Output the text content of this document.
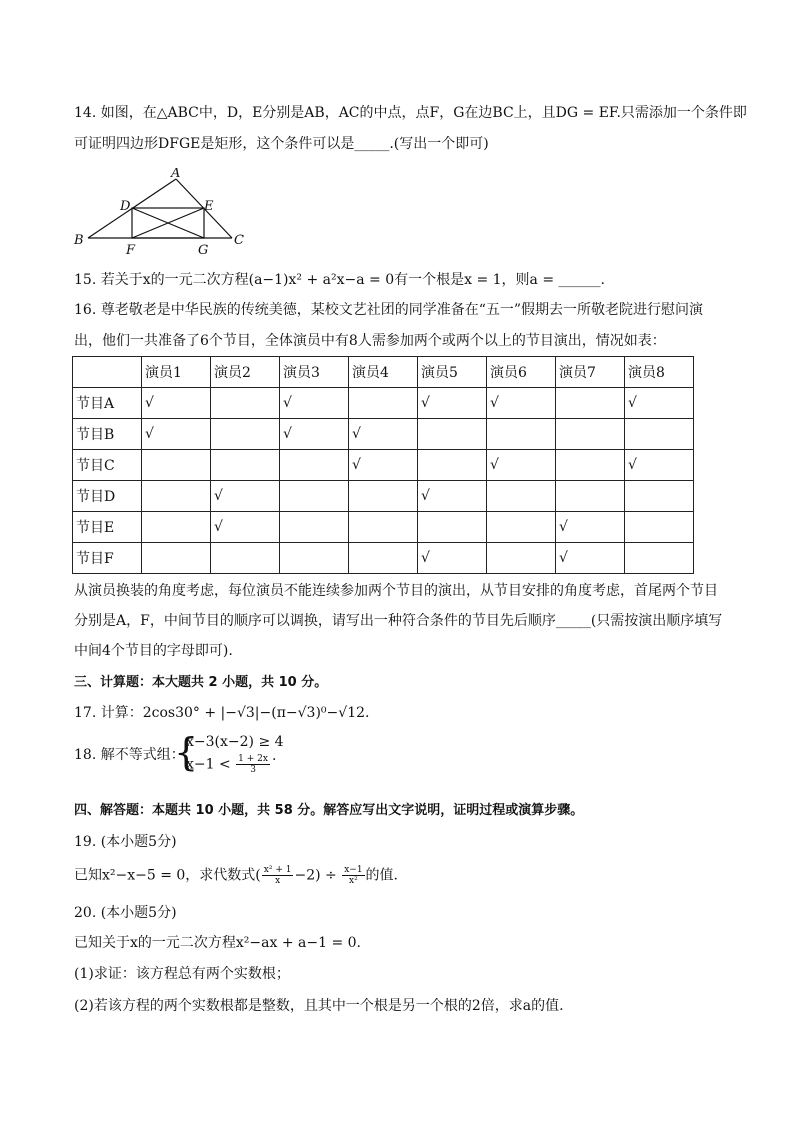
14. 如图，在△ABC中，D，E分别是AB，AC的中点，点F，G在边BC上，且DG = EF.只需添加一个条件即
可证明四边形DFGE是矩形，这个条件可以是_____.(写出一个即可)
A
B	C
D	E
F	G
15. 若关于x的一元二次方程(a−1)x² + a²x−a = 0有一个根是x = 1，则a = ______.
16. 尊老敬老是中华民族的传统美德，某校文艺社团的同学准备在“五一”假期去一所敬老院进行慰问演
出，他们一共准备了6个节目，全体演员中有8人需参加两个或两个以上的节目演出，情况如表：
	演员1	演员2	演员3	演员4	演员5	演员6	演员7	演员8
节目A	√		√		√	√		√
节目B	√		√	√				
节目C				√		√		√
节目D		√			√			
节目E		√					√	
节目F					√		√	
从演员换装的角度考虑，每位演员不能连续参加两个节目的演出，从节目安排的角度考虑，首尾两个节目
分别是A，F，中间节目的顺序可以调换，请写出一种符合条件的节目先后顺序_____(只需按演出顺序填写
中间4个节目的字母即可).
三、计算题：本大题共 2 小题，共 10 分。
17. 计算：2cos30° + |−√3|−(π−√3)⁰−√12.
18. 解不等式组：
{
x−3(x−2) ≥ 4
$x-1 < \frac{1 + 2x}{3}$ .
四、解答题：本题共 10 小题，共 58 分。解答应写出文字说明，证明过程或演算步骤。
19. (本小题5分)
已知x²−x−5 = 0，求代数式( $\frac{\text{x² + 1}}{x} -2) \div \frac{x-1}{\text{x²}}$ 的值.
20. (本小题5分)
已知关于x的一元二次方程x²−ax + a−1 = 0.
(1)求证：该方程总有两个实数根；
(2)若该方程的两个实数根都是整数，且其中一个根是另一个根的2倍，求a的值.
